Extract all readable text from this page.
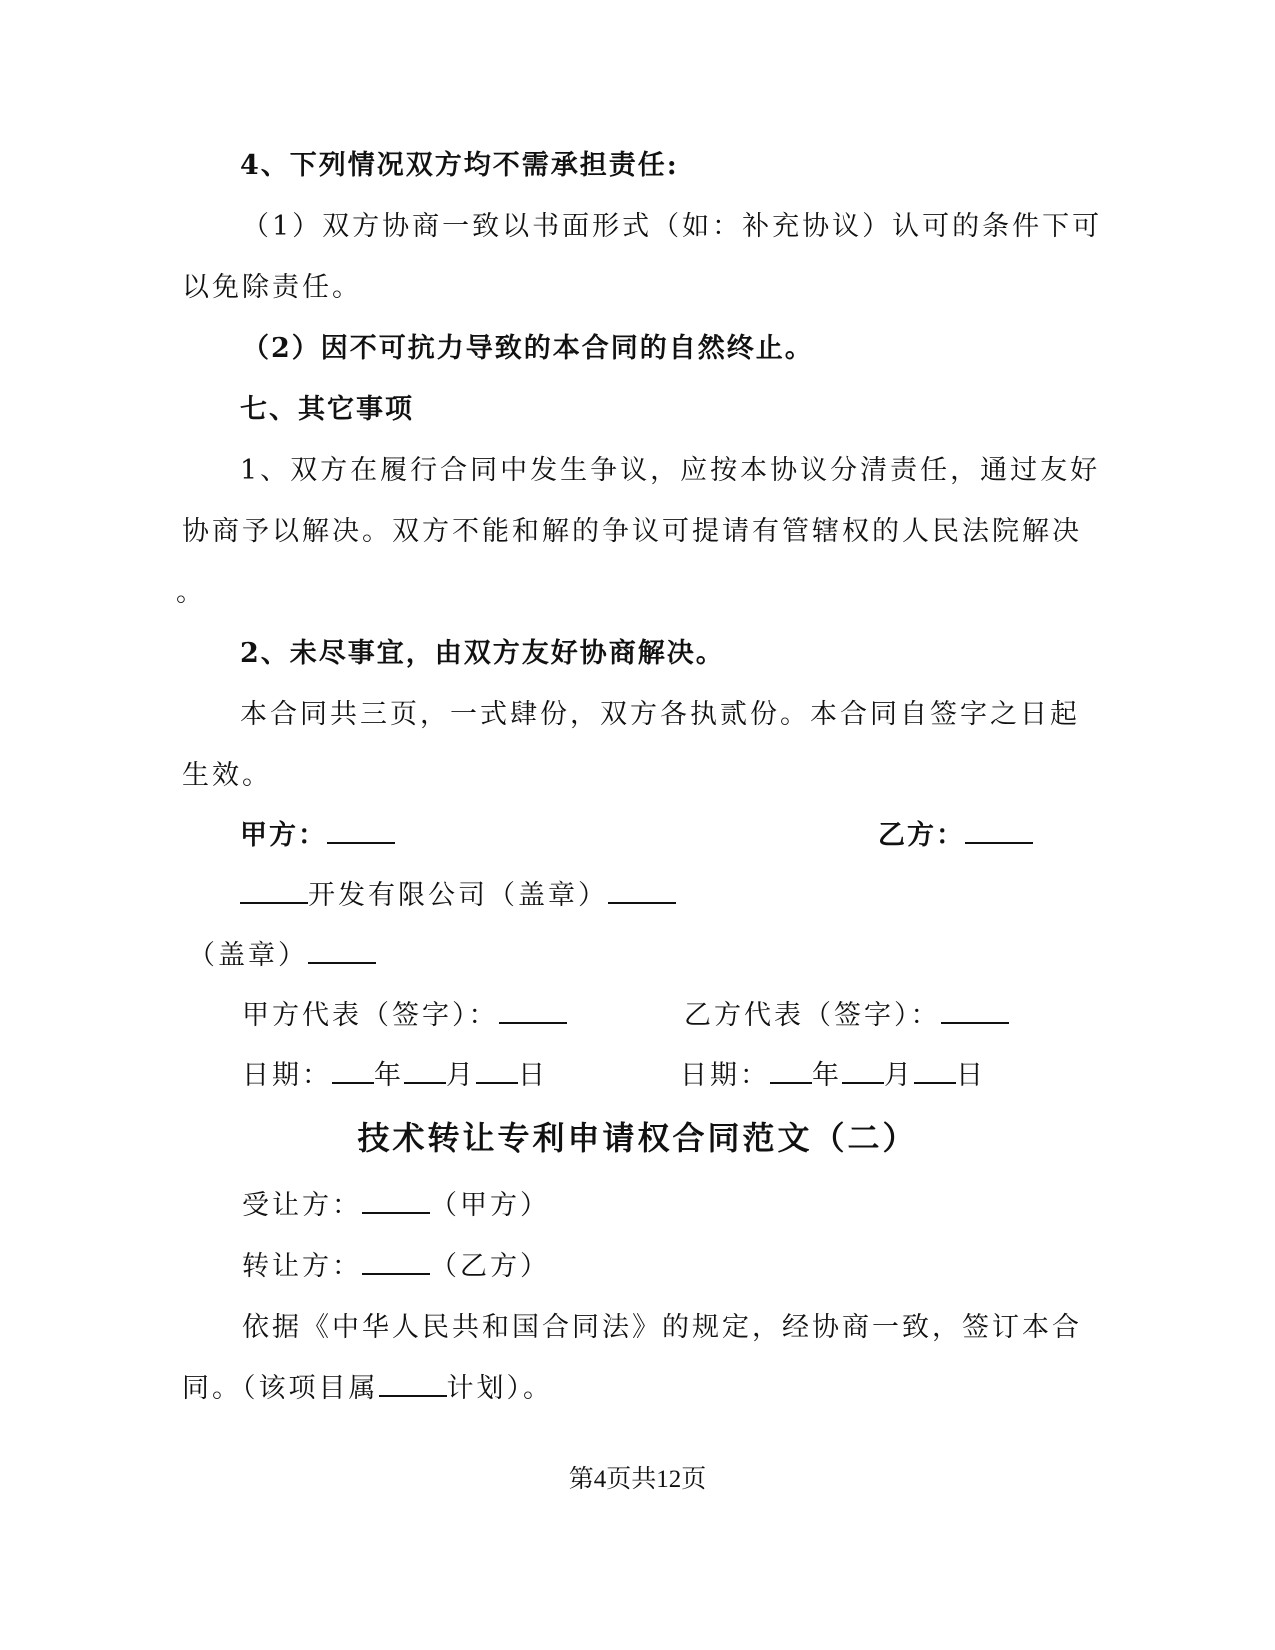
4、下列情况双方均不需承担责任:
（1）双方协商一致以书面形式（如：补充协议）认可的条件下可
以免除责任。
（2）因不可抗力导致的本合同的自然终止。
七、其它事项
1、双方在履行合同中发生争议，应按本协议分清责任，通过友好
协商予以解决。双方不能和解的争议可提请有管辖权的人民法院解决
。
2、未尽事宜，由双方友好协商解决。
本合同共三页，一式肆份，双方各执贰份。本合同自签字之日起
生效。
甲方：	乙方：
开发有限公司（盖章）
（盖章）
甲方代表（签字）：	乙方代表（签字）：
日期： 年 月 日	日期： 年 月 日
技术转让专利申请权合同范文（二）
受让方：	（甲方）
转让方：	（乙方）
依据《中华人民共和国合同法》的规定，经协商一致，签订本合
同。（该项目属	计划）。
第4页共12页
